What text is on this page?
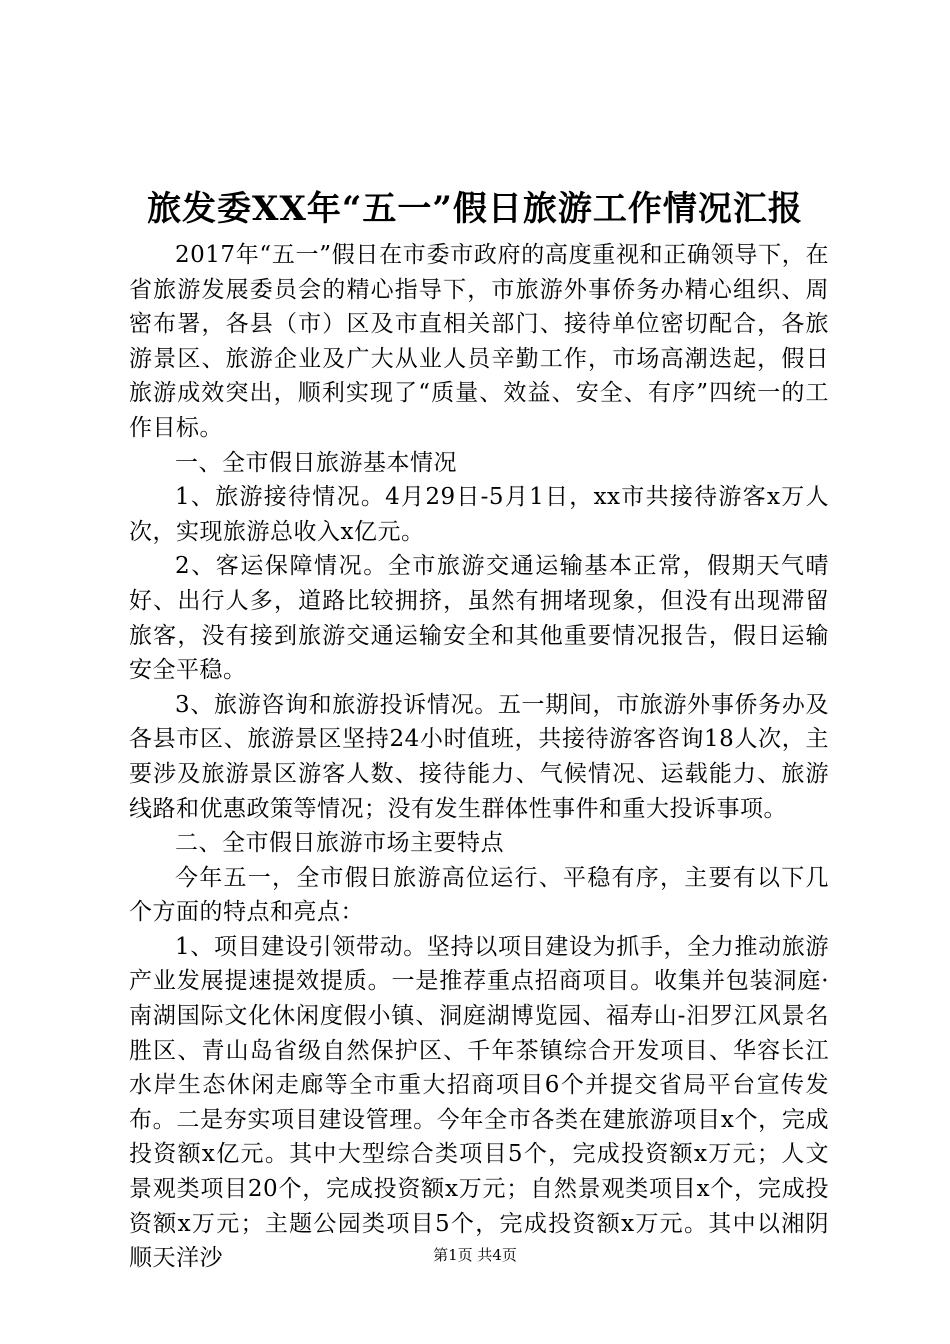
旅发委XX年“五一”假日旅游工作情况汇报

2017年“五一”假日在市委市政府的高度重视和正确领导下，在省旅游发展委员会的精心指导下，市旅游外事侨务办精心组织、周密布署，各县（市）区及市直相关部门、接待单位密切配合，各旅游景区、旅游企业及广大从业人员辛勤工作，市场高潮迭起，假日旅游成效突出，顺利实现了“质量、效益、安全、有序”四统一的工作目标。

一、全市假日旅游基本情况

1、旅游接待情况。4月29日-5月1日，xx市共接待游客x万人次，实现旅游总收入x亿元。

2、客运保障情况。全市旅游交通运输基本正常，假期天气晴好、出行人多，道路比较拥挤，虽然有拥堵现象，但没有出现滞留旅客，没有接到旅游交通运输安全和其他重要情况报告，假日运输安全平稳。

3、旅游咨询和旅游投诉情况。五一期间，市旅游外事侨务办及各县市区、旅游景区坚持24小时值班，共接待游客咨询18人次，主要涉及旅游景区游客人数、接待能力、气候情况、运载能力、旅游线路和优惠政策等情况；没有发生群体性事件和重大投诉事项。

二、全市假日旅游市场主要特点

今年五一，全市假日旅游高位运行、平稳有序，主要有以下几个方面的特点和亮点：

1、项目建设引领带动。坚持以项目建设为抓手，全力推动旅游产业发展提速提效提质。一是推荐重点招商项目。收集并包装洞庭·南湖国际文化休闲度假小镇、洞庭湖博览园、福寿山-汨罗江风景名胜区、青山岛省级自然保护区、千年茶镇综合开发项目、华容长江水岸生态休闲走廊等全市重大招商项目6个并提交省局平台宣传发布。二是夯实项目建设管理。今年全市各类在建旅游项目x个，完成投资额x亿元。其中大型综合类项目5个，完成投资额x万元；人文景观类项目20个，完成投资额x万元；自然景观类项目x个，完成投资额x万元；主题公园类项目5个，完成投资额x万元。其中以湘阴顺天洋沙	第1页 共4页
